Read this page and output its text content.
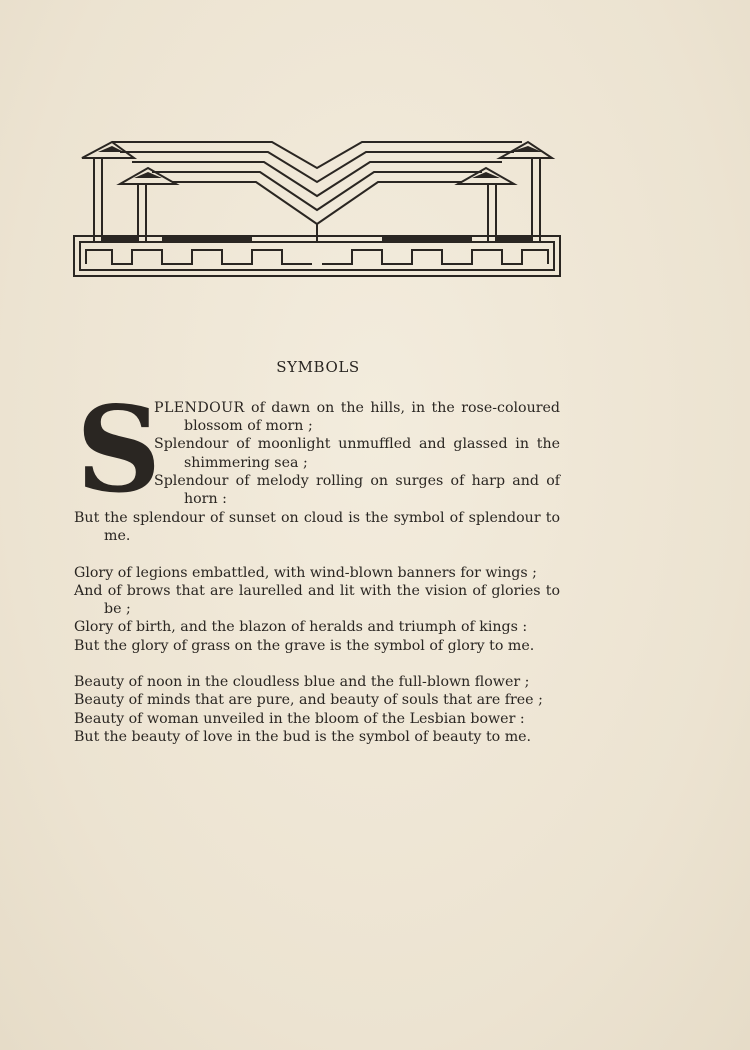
SYMBOLS
S
PLENDOUR of dawn on the hills, in the rose-coloured blossom of morn ;
Splendour of moonlight unmuffled and glassed in the shimmering sea ;
Splendour of melody rolling on surges of harp and of horn :
But the splendour of sunset on cloud is the symbol of splendour to me.
Glory of legions embattled, with wind-blown banners for wings ;
And of brows that are laurelled and lit with the vision of glories to be ;
Glory of birth, and the blazon of heralds and triumph of kings :
But the glory of grass on the grave is the symbol of glory to me.
Beauty of noon in the cloudless blue and the full-blown flower ;
Beauty of minds that are pure, and beauty of souls that are free ;
Beauty of woman unveiled in the bloom of the Lesbian bower :
But the beauty of love in the bud is the symbol of beauty to me.
